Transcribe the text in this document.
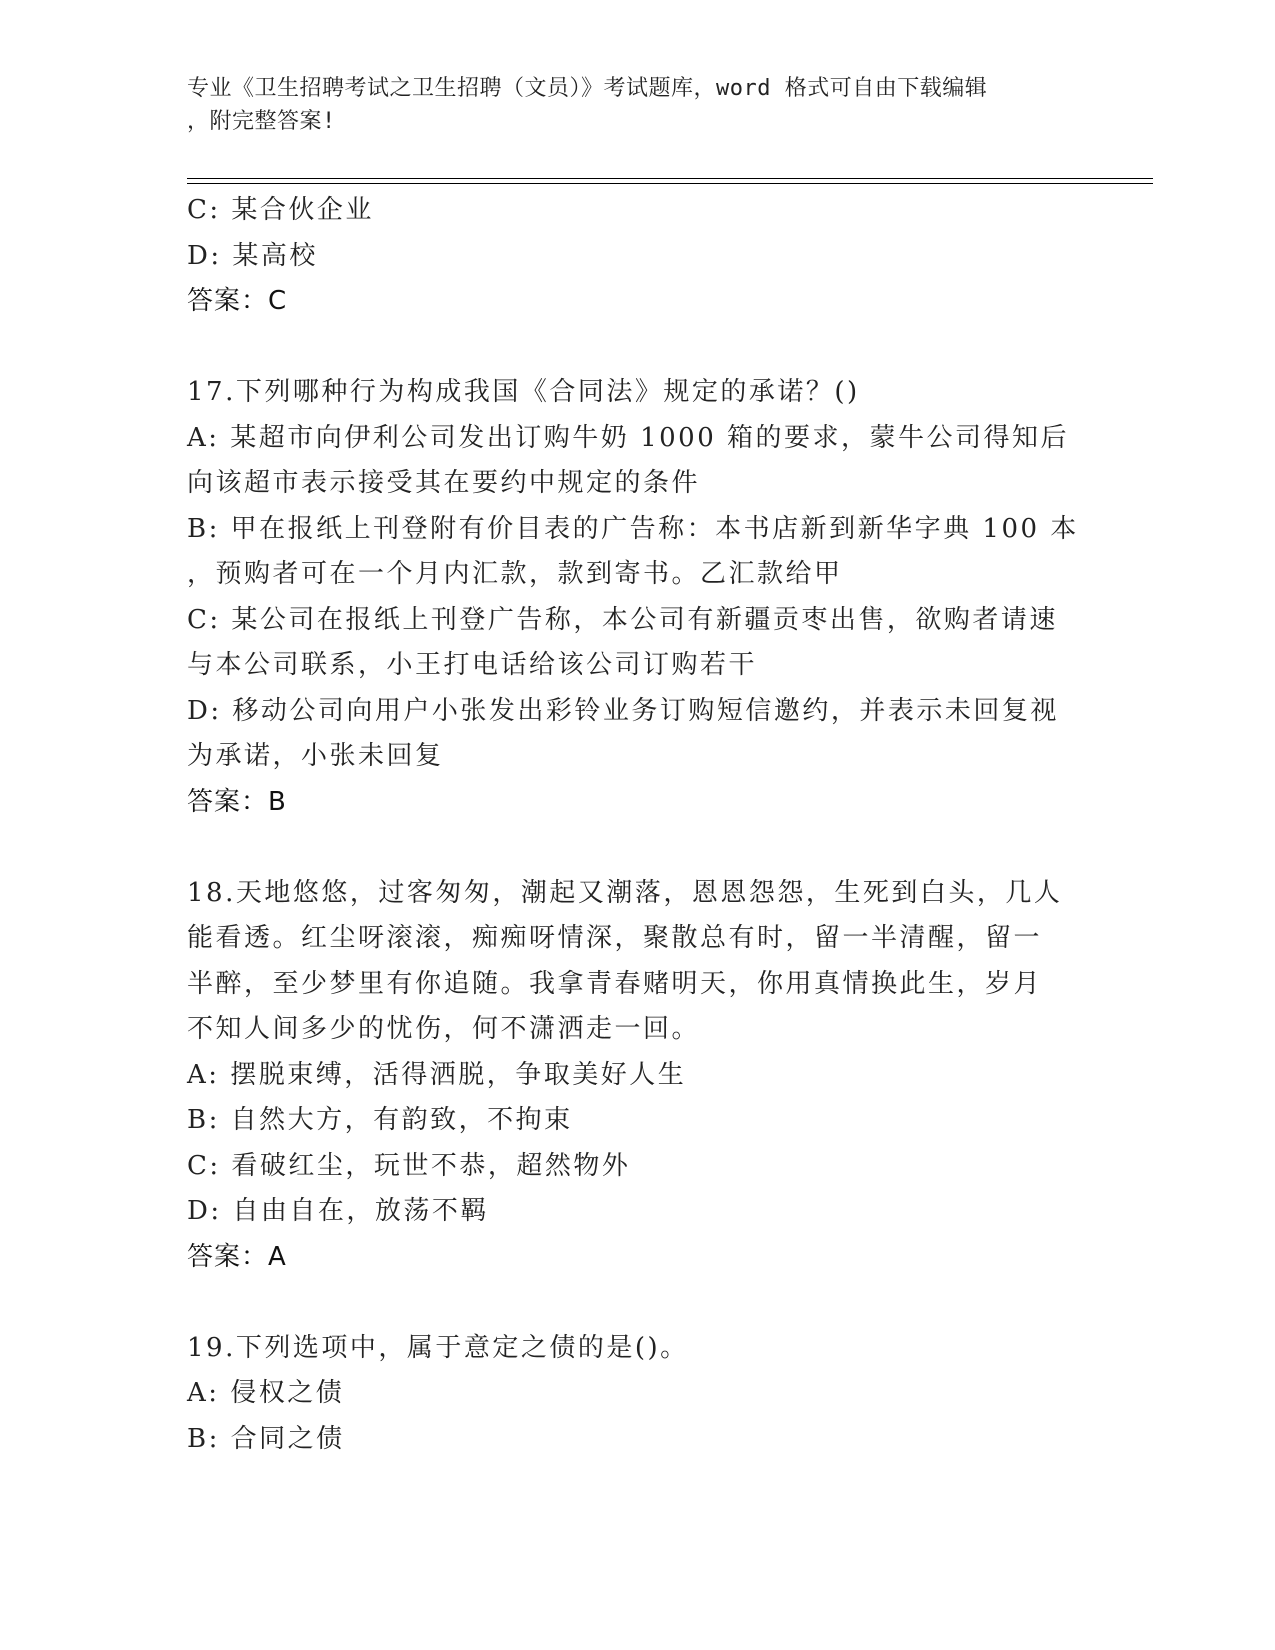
专业《卫生招聘考试之卫生招聘（文员）》考试题库，word 格式可自由下载编辑
，附完整答案!
C: 某合伙企业
D: 某高校
答案：C
17.下列哪种行为构成我国《合同法》规定的承诺？()
A: 某超市向伊利公司发出订购牛奶 1000 箱的要求，蒙牛公司得知后
向该超市表示接受其在要约中规定的条件
B: 甲在报纸上刊登附有价目表的广告称：本书店新到新华字典 100 本
，预购者可在一个月内汇款，款到寄书。乙汇款给甲
C: 某公司在报纸上刊登广告称，本公司有新疆贡枣出售，欲购者请速
与本公司联系，小王打电话给该公司订购若干
D: 移动公司向用户小张发出彩铃业务订购短信邀约，并表示未回复视
为承诺，小张未回复
答案：B
18.天地悠悠，过客匆匆，潮起又潮落，恩恩怨怨，生死到白头，几人
能看透。红尘呀滚滚，痴痴呀情深，聚散总有时，留一半清醒，留一
半醉，至少梦里有你追随。我拿青春赌明天，你用真情换此生，岁月
不知人间多少的忧伤，何不潇洒走一回。
A: 摆脱束缚，活得洒脱，争取美好人生
B: 自然大方，有韵致，不拘束
C: 看破红尘，玩世不恭，超然物外
D: 自由自在，放荡不羁
答案：A
19.下列选项中，属于意定之债的是()。
A: 侵权之债
B: 合同之债
